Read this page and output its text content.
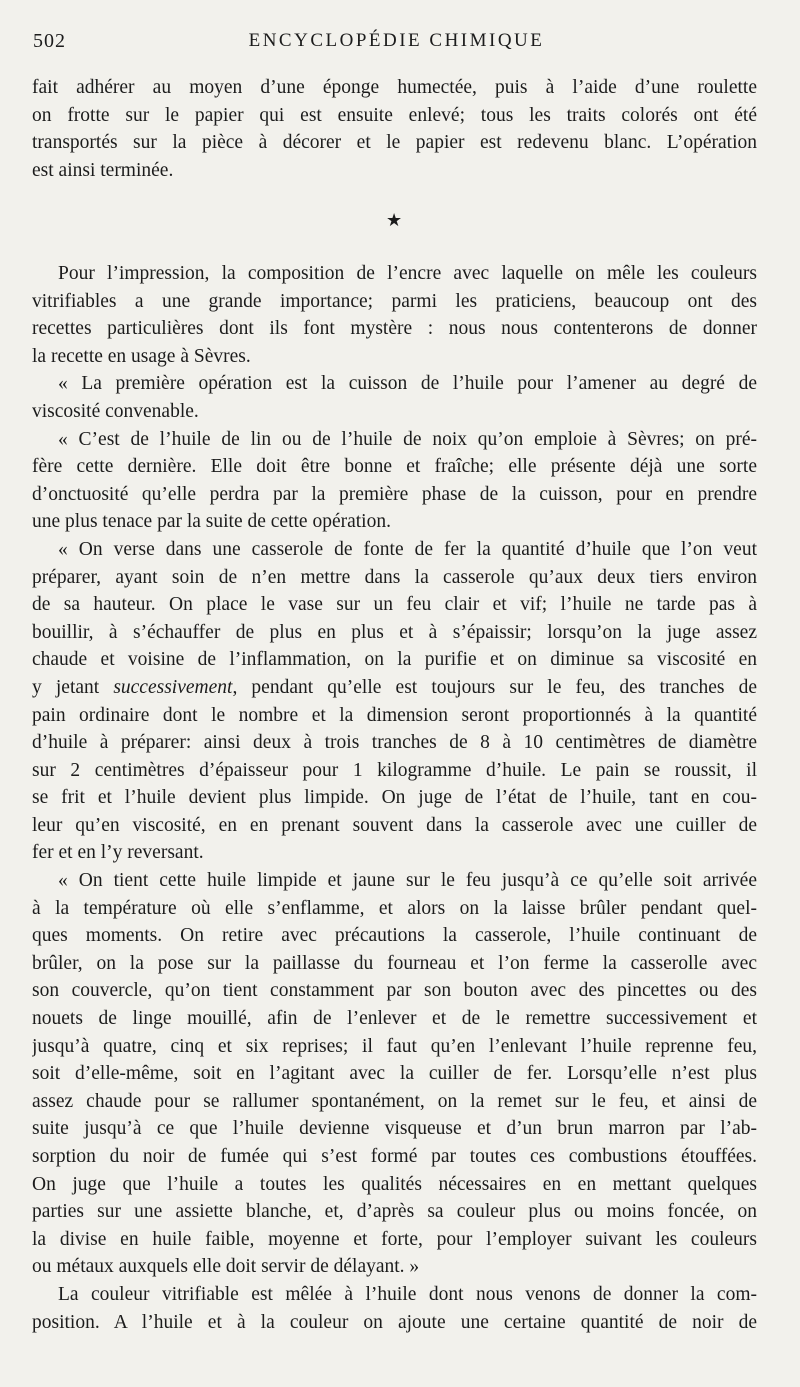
502	ENCYCLOPÉDIE CHIMIQUE
fait adhérer au moyen d’une éponge humectée, puis à l’aide d’une roulette
on frotte sur le papier qui est ensuite enlevé; tous les traits colorés ont été
transportés sur la pièce à décorer et le papier est redevenu blanc. L’opération
est ainsi terminée.
★
Pour l’impression, la composition de l’encre avec laquelle on mêle les couleurs
vitrifiables a une grande importance; parmi les praticiens, beaucoup ont des
recettes particulières dont ils font mystère : nous nous contenterons de donner
la recette en usage à Sèvres.
« La première opération est la cuisson de l’huile pour l’amener au degré de
viscosité convenable.
« C’est de l’huile de lin ou de l’huile de noix qu’on emploie à Sèvres; on pré-
fère cette dernière. Elle doit être bonne et fraîche; elle présente déjà une sorte
d’onctuosité qu’elle perdra par la première phase de la cuisson, pour en prendre
une plus tenace par la suite de cette opération.
« On verse dans une casserole de fonte de fer la quantité d’huile que l’on veut
préparer, ayant soin de n’en mettre dans la casserole qu’aux deux tiers environ
de sa hauteur. On place le vase sur un feu clair et vif; l’huile ne tarde pas à
bouillir, à s’échauffer de plus en plus et à s’épaissir; lorsqu’on la juge assez
chaude et voisine de l’inflammation, on la purifie et on diminue sa viscosité en
y jetant successivement, pendant qu’elle est toujours sur le feu, des tranches de
pain ordinaire dont le nombre et la dimension seront proportionnés à la quantité
d’huile à préparer: ainsi deux à trois tranches de 8 à 10 centimètres de diamètre
sur 2 centimètres d’épaisseur pour 1 kilogramme d’huile. Le pain se roussit, il
se frit et l’huile devient plus limpide. On juge de l’état de l’huile, tant en cou-
leur qu’en viscosité, en en prenant souvent dans la casserole avec une cuiller de
fer et en l’y reversant.
« On tient cette huile limpide et jaune sur le feu jusqu’à ce qu’elle soit arrivée
à la température où elle s’enflamme, et alors on la laisse brûler pendant quel-
ques moments. On retire avec précautions la casserole, l’huile continuant de
brûler, on la pose sur la paillasse du fourneau et l’on ferme la casserolle avec
son couvercle, qu’on tient constamment par son bouton avec des pincettes ou des
nouets de linge mouillé, afin de l’enlever et de le remettre successivement et
jusqu’à quatre, cinq et six reprises; il faut qu’en l’enlevant l’huile reprenne feu,
soit d’elle-même, soit en l’agitant avec la cuiller de fer. Lorsqu’elle n’est plus
assez chaude pour se rallumer spontanément, on la remet sur le feu, et ainsi de
suite jusqu’à ce que l’huile devienne visqueuse et d’un brun marron par l’ab-
sorption du noir de fumée qui s’est formé par toutes ces combustions étouffées.
On juge que l’huile a toutes les qualités nécessaires en en mettant quelques
parties sur une assiette blanche, et, d’après sa couleur plus ou moins foncée, on
la divise en huile faible, moyenne et forte, pour l’employer suivant les couleurs
ou métaux auxquels elle doit servir de délayant. »
La couleur vitrifiable est mêlée à l’huile dont nous venons de donner la com-
position. A l’huile et à la couleur on ajoute une certaine quantité de noir de
